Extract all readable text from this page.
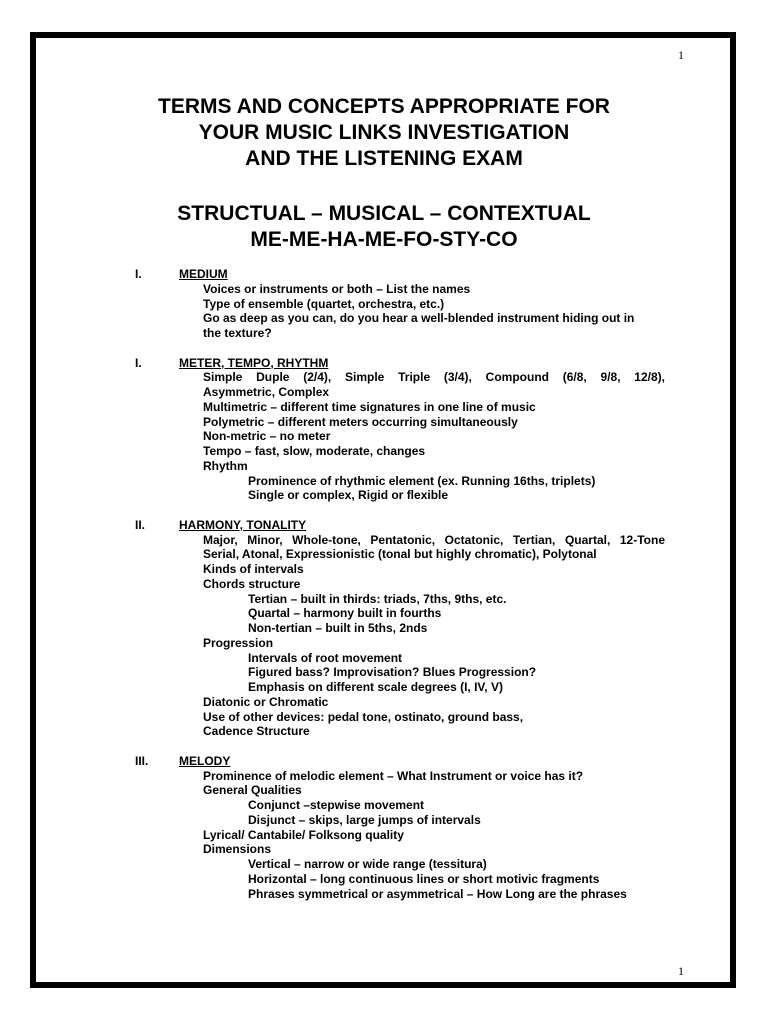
1
TERMS AND CONCEPTS APPROPRIATE FOR
YOUR MUSIC LINKS INVESTIGATION
AND THE LISTENING EXAM
STRUCTUAL – MUSICAL – CONTEXTUAL
ME-ME-HA-ME-FO-STY-CO
I.	MEDIUM
Voices or instruments or both – List the names
Type of ensemble (quartet, orchestra, etc.)
Go as deep as you can, do you hear a well-blended instrument hiding out in
the texture?
I.	METER, TEMPO, RHYTHM
Simple Duple (2/4), Simple Triple (3/4), Compound (6/8, 9/8, 12/8),
Asymmetric, Complex
Multimetric – different time signatures in one line of music
Polymetric – different meters occurring simultaneously
Non-metric – no meter
Tempo – fast, slow, moderate, changes
Rhythm
Prominence of rhythmic element (ex. Running 16ths, triplets)
Single or complex, Rigid or flexible
II.	HARMONY, TONALITY
Major, Minor, Whole-tone, Pentatonic, Octatonic, Tertian, Quartal, 12-Tone
Serial, Atonal, Expressionistic (tonal but highly chromatic), Polytonal
Kinds of intervals
Chords structure
Tertian – built in thirds: triads, 7ths, 9ths, etc.
Quartal – harmony built in fourths
Non-tertian – built in 5ths, 2nds
Progression
Intervals of root movement
Figured bass? Improvisation? Blues Progression?
Emphasis on different scale degrees (I, IV, V)
Diatonic or Chromatic
Use of other devices: pedal tone, ostinato, ground bass,
Cadence Structure
III.	MELODY
Prominence of melodic element – What Instrument or voice has it?
General Qualities
Conjunct –stepwise movement
Disjunct – skips, large jumps of intervals
Lyrical/ Cantabile/ Folksong quality
Dimensions
Vertical – narrow or wide range (tessitura)
Horizontal – long continuous lines or short motivic fragments
Phrases symmetrical or asymmetrical – How Long are the phrases
1
